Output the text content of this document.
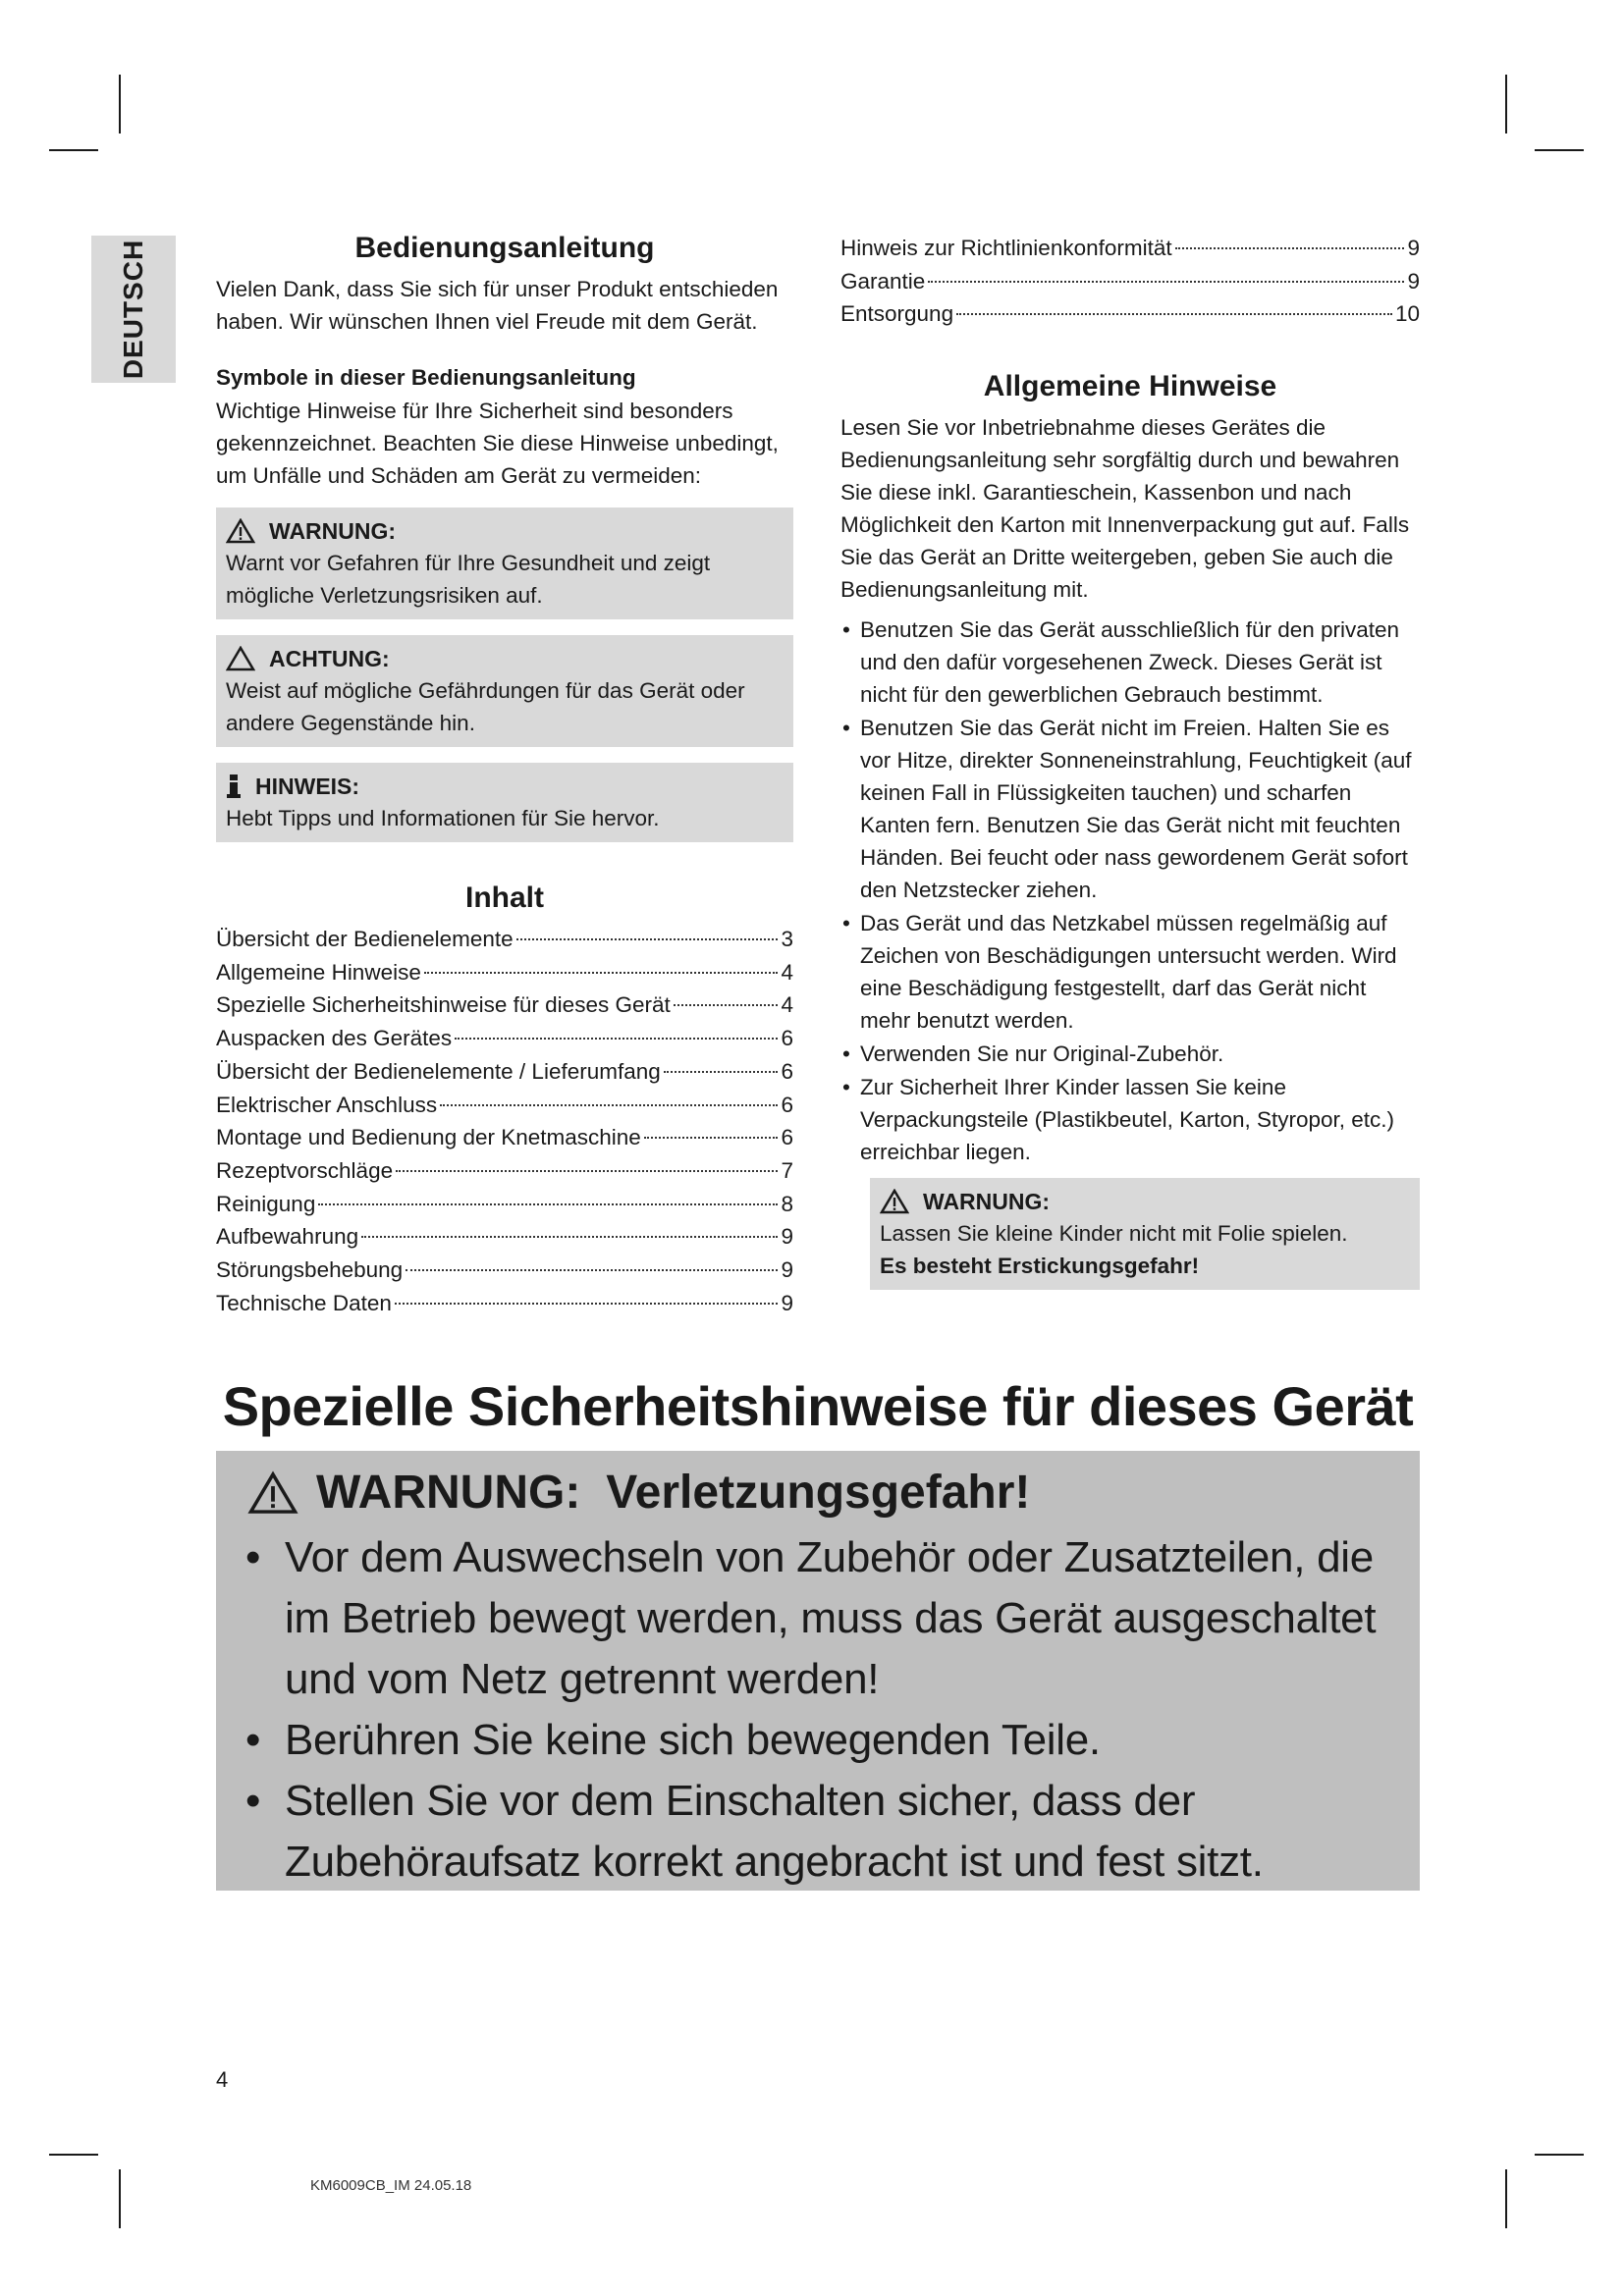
DEUTSCH	Bedienungsanleitung

Vielen Dank, dass Sie sich für unser Produkt entschieden haben. Wir wünschen Ihnen viel Freude mit dem Gerät.

Symbole in dieser Bedienungsanleitung

Wichtige Hinweise für Ihre Sicherheit sind besonders gekennzeichnet. Beachten Sie diese Hinweise unbedingt, um Unfälle und Schäden am Gerät zu vermeiden:

WARNUNG:

Warnt vor Gefahren für Ihre Gesundheit und zeigt mögliche Verletzungsrisiken auf.

ACHTUNG:

Weist auf mögliche Gefährdungen für das Gerät oder andere Gegenstände hin.

HINWEIS:

Hebt Tipps und Informationen für Sie hervor.

Inhalt
Übersicht der Bedienelemente	3
Allgemeine Hinweise	4
Spezielle Sicherheitshinweise für dieses Gerät	4
Auspacken des Gerätes	6
Übersicht der Bedienelemente / Lieferumfang	6
Elektrischer Anschluss	6
Montage und Bedienung der Knetmaschine	6
Rezeptvorschläge	7
Reinigung	8
Aufbewahrung	9
Störungsbehebung	9
Technische Daten	9
Hinweis zur Richtlinienkonformität	9
Garantie	9
Entsorgung	10
Allgemeine Hinweise

Lesen Sie vor Inbetriebnahme dieses Gerätes die Bedienungsanleitung sehr sorgfältig durch und bewahren Sie diese inkl. Garantieschein, Kassenbon und nach Möglichkeit den Karton mit Innenverpackung gut auf. Falls Sie das Gerät an Dritte weitergeben, geben Sie auch die Bedienungsanleitung mit.

• Benutzen Sie das Gerät ausschließlich für den privaten und den dafür vorgesehenen Zweck. Dieses Gerät ist nicht für den gewerblichen Gebrauch bestimmt.
• Benutzen Sie das Gerät nicht im Freien. Halten Sie es vor Hitze, direkter Sonneneinstrahlung, Feuchtigkeit (auf keinen Fall in Flüssigkeiten tauchen) und scharfen Kanten fern. Benutzen Sie das Gerät nicht mit feuchten Händen. Bei feucht oder nass gewordenem Gerät sofort den Netzstecker ziehen.
• Das Gerät und das Netzkabel müssen regelmäßig auf Zeichen von Beschädigungen untersucht werden. Wird eine Beschädigung festgestellt, darf das Gerät nicht mehr benutzt werden.
• Verwenden Sie nur Original-Zubehör.
• Zur Sicherheit Ihrer Kinder lassen Sie keine Verpackungsteile (Plastikbeutel, Karton, Styropor, etc.) erreichbar liegen.
WARNUNG:

Lassen Sie kleine Kinder nicht mit Folie spielen.

Es besteht Erstickungsgefahr!

Spezielle Sicherheitshinweise für dieses Gerät
WARNUNG: Verletzungsgefahr!
• Vor dem Auswechseln von Zubehör oder Zusatzteilen, die im Betrieb bewegt werden, muss das Gerät ausgeschaltet und vom Netz getrennt werden!
• Berühren Sie keine sich bewegenden Teile.
• Stellen Sie vor dem Einschalten sicher, dass der Zubehöraufsatz korrekt angebracht ist und fest sitzt.
4
KM6009CB_IM 24.05.18
